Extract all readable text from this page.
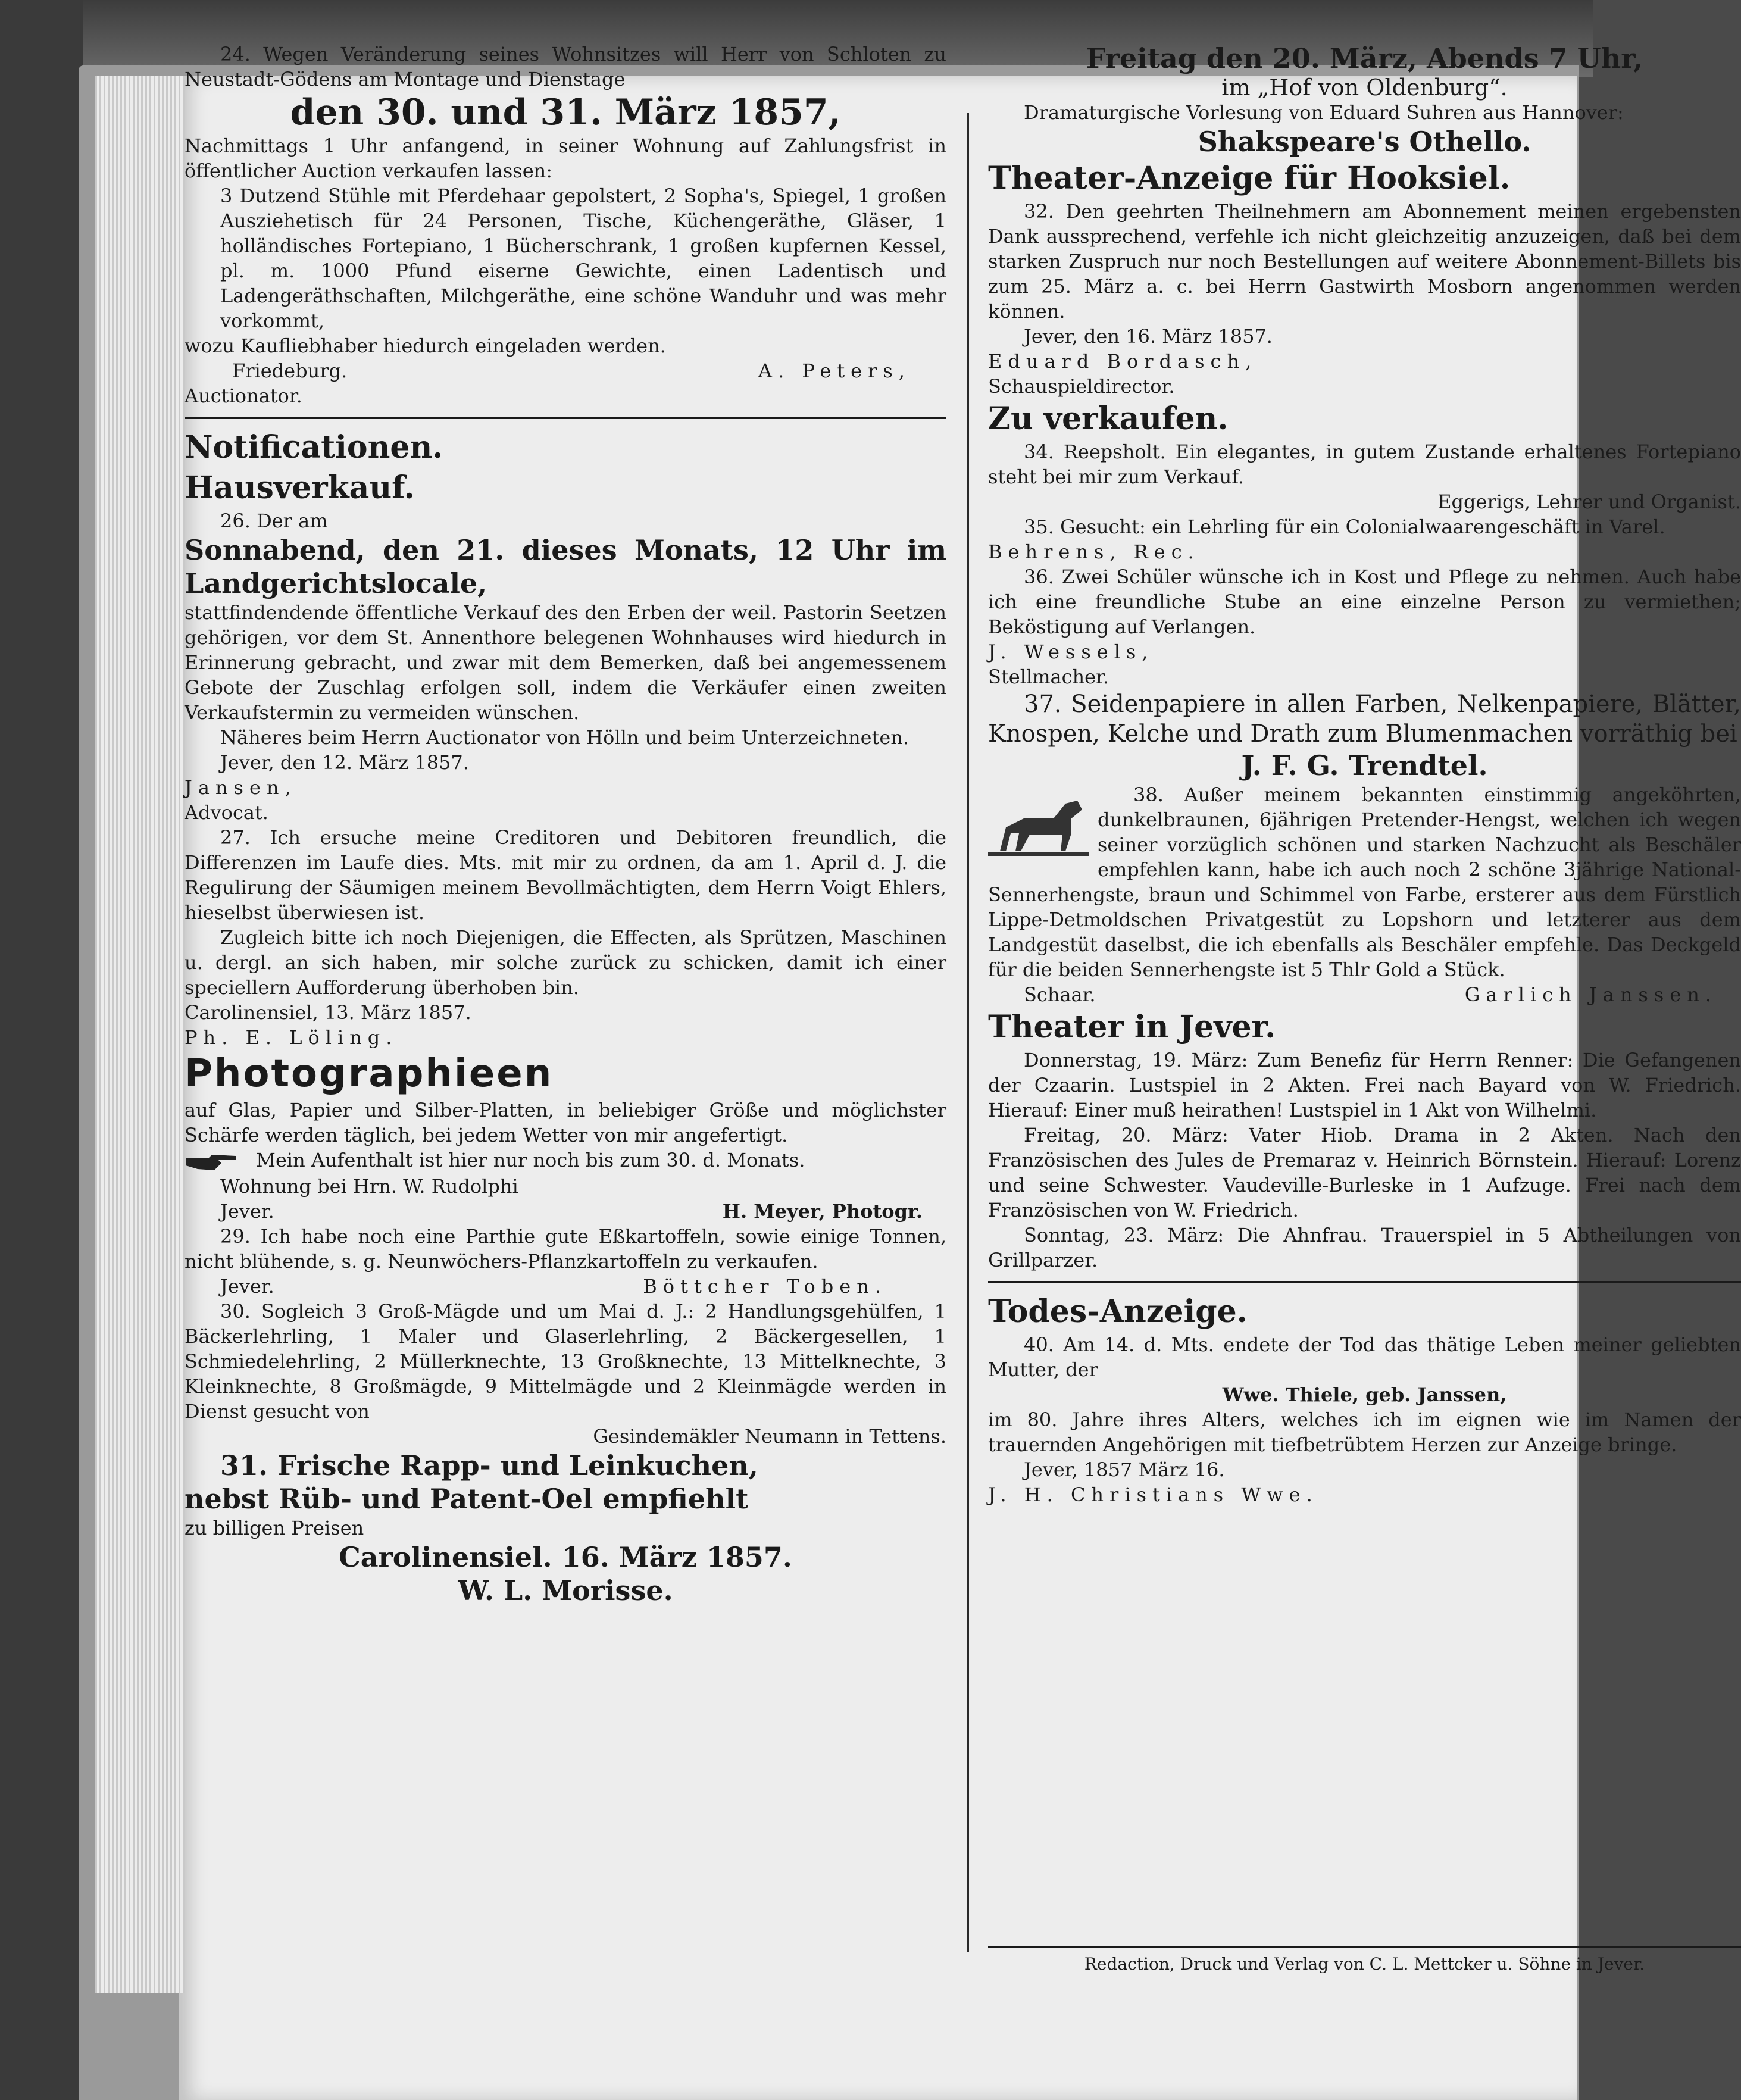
24. Wegen Veränderung seines Wohnsitzes will Herr von Schloten zu Neustadt-Gödens am Montage und Dienstage

den 30. und 31. März 1857,

Nachmittags 1 Uhr anfangend, in seiner Wohnung auf Zahlungsfrist in öffentlicher Auction verkaufen lassen:

3 Dutzend Stühle mit Pferdehaar gepolstert, 2 Sopha's, Spiegel, 1 großen Ausziehetisch für 24 Personen, Tische, Küchengeräthe, Gläser, 1 holländisches Fortepiano, 1 Bücherschrank, 1 großen kupfernen Kessel, pl. m. 1000 Pfund eiserne Gewichte, einen Ladentisch und Ladengeräthschaften, Milchgeräthe, eine schöne Wanduhr und was mehr vorkommt,

wozu Kaufliebhaber hiedurch eingeladen werden.

Friedeburg.	A. Peters,

Auctionator.

Notificationen.

Hausverkauf.

26. Der am

Sonnabend, den 21. dieses Monats, 12 Uhr im Landgerichtslocale,

stattfindendende öffentliche Verkauf des den Erben der weil. Pastorin Seetzen gehörigen, vor dem St. Annenthore belegenen Wohnhauses wird hiedurch in Erinnerung gebracht, und zwar mit dem Bemerken, daß bei angemessenem Gebote der Zuschlag erfolgen soll, indem die Verkäufer einen zweiten Verkaufstermin zu vermeiden wünschen.

Näheres beim Herrn Auctionator von Hölln und beim Unterzeichneten.

Jever, den 12. März 1857.

Jansen,

Advocat.

27. Ich ersuche meine Creditoren und Debitoren freundlich, die Differenzen im Laufe dies. Mts. mit mir zu ordnen, da am 1. April d. J. die Regulirung der Säumigen meinem Bevollmächtigten, dem Herrn Voigt Ehlers, hieselbst überwiesen ist.

Zugleich bitte ich noch Diejenigen, die Effecten, als Sprützen, Maschinen u. dergl. an sich haben, mir solche zurück zu schicken, damit ich einer speciellern Aufforderung überhoben bin.

Carolinensiel, 13. März 1857.

Ph. E. Löling.

Photographieen

auf Glas, Papier und Silber-Platten, in beliebiger Größe und möglichster Schärfe werden täglich, bei jedem Wetter von mir angefertigt.

Mein Aufenthalt ist hier nur noch bis zum 30. d. Monats.

Wohnung bei Hrn. W. Rudolphi

Jever.	H. Meyer, Photogr.

29. Ich habe noch eine Parthie gute Eßkartoffeln, sowie einige Tonnen, nicht blühende, s. g. Neunwöchers-Pflanzkartoffeln zu verkaufen.

Jever.	Böttcher Toben.

30. Sogleich 3 Groß-Mägde und um Mai d. J.: 2 Handlungsgehülfen, 1 Bäckerlehrling, 1 Maler und Glaserlehrling, 2 Bäckergesellen, 1 Schmiedelehrling, 2 Müllerknechte, 13 Großknechte, 13 Mittelknechte, 3 Kleinknechte, 8 Großmägde, 9 Mittelmägde und 2 Kleinmägde werden in Dienst gesucht von

Gesindemäkler Neumann in Tettens.

31. Frische Rapp- und Leinkuchen,

nebst Rüb- und Patent-Oel empfiehlt

zu billigen Preisen

Carolinensiel. 16. März 1857.

W. L. Morisse.

Freitag den 20. März, Abends 7 Uhr,

im „Hof von Oldenburg“.

Dramaturgische Vorlesung von Eduard Suhren aus Hannover:

Shakspeare's Othello.

Theater-Anzeige für Hooksiel.

32. Den geehrten Theilnehmern am Abonnement meinen ergebensten Dank aussprechend, verfehle ich nicht gleichzeitig anzuzeigen, daß bei dem starken Zuspruch nur noch Bestellungen auf weitere Abonnement-Billets bis zum 25. März a. c. bei Herrn Gastwirth Mosborn angenommen werden können.

Jever, den 16. März 1857.

Eduard Bordasch,

Schauspieldirector.

Zu verkaufen.

34. Reepsholt. Ein elegantes, in gutem Zustande erhaltenes Fortepiano steht bei mir zum Verkauf.

Eggerigs, Lehrer und Organist.

35. Gesucht: ein Lehrling für ein Colonialwaarengeschäft in Varel.

Behrens, Rec.

36. Zwei Schüler wünsche ich in Kost und Pflege zu nehmen. Auch habe ich eine freundliche Stube an eine einzelne Person zu vermiethen; Beköstigung auf Verlangen.

J. Wessels,

Stellmacher.

37. Seidenpapiere in allen Farben, Nelkenpapiere, Blätter, Knospen, Kelche und Drath zum Blumenmachen vorräthig bei

J. F. G. Trendtel.

38. Außer meinem bekannten einstimmig angeköhrten, dunkelbraunen, 6jährigen Pretender-Hengst, welchen ich wegen seiner vorzüglich schönen und starken Nachzucht als Beschäler empfehlen kann, habe ich auch noch 2 schöne 3jährige National-Sennerhengste, braun und Schimmel von Farbe, ersterer aus dem Fürstlich Lippe-Detmoldschen Privatgestüt zu Lopshorn und letzterer aus dem Landgestüt daselbst, die ich ebenfalls als Beschäler empfehle. Das Deckgeld für die beiden Sennerhengste ist 5 Thlr Gold a Stück.

Schaar.	Garlich Janssen.

Theater in Jever.

Donnerstag, 19. März: Zum Benefiz für Herrn Renner: Die Gefangenen der Czaarin. Lustspiel in 2 Akten. Frei nach Bayard von W. Friedrich. Hierauf: Einer muß heirathen! Lustspiel in 1 Akt von Wilhelmi.

Freitag, 20. März: Vater Hiob. Drama in 2 Akten. Nach den Französischen des Jules de Premaraz v. Heinrich Börnstein. Hierauf: Lorenz und seine Schwester. Vaudeville-Burleske in 1 Aufzuge. Frei nach dem Französischen von W. Friedrich.

Sonntag, 23. März: Die Ahnfrau. Trauerspiel in 5 Abtheilungen von Grillparzer.

Todes-Anzeige.

40. Am 14. d. Mts. endete der Tod das thätige Leben meiner geliebten Mutter, der

Wwe. Thiele, geb. Janssen,

im 80. Jahre ihres Alters, welches ich im eignen wie im Namen der trauernden Angehörigen mit tiefbetrübtem Herzen zur Anzeige bringe.

Jever, 1857 März 16.

J. H. Christians Wwe.

Redaction, Druck und Verlag von C. L. Mettcker u. Söhne in Jever.
